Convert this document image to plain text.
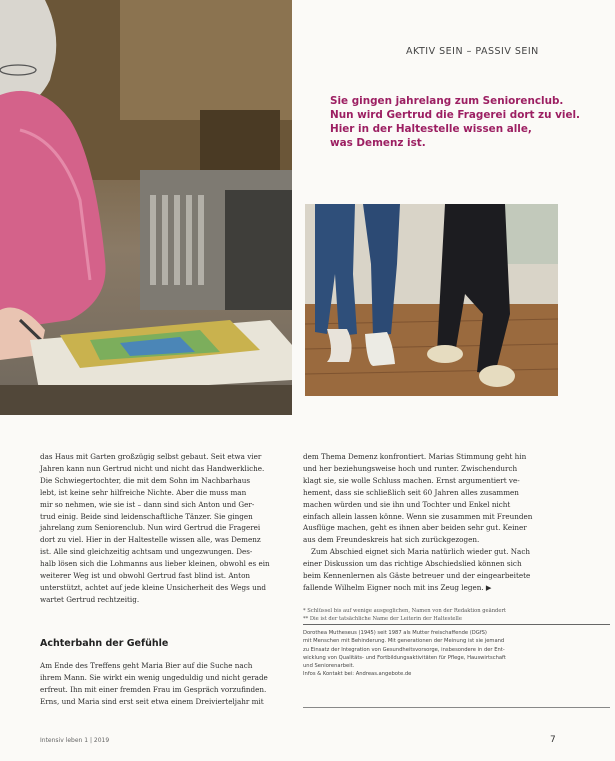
AKTIV SEIN – PASSIV SEIN
Sie gingen jahrelang zum Seniorenclub.
Nun wird Gertrud die Fragerei dort zu viel.
Hier in der Haltestelle wissen alle,
was Demenz ist.

das Haus mit Garten großzügig selbst gebaut. Seit etwa vier

Jahren kann nun Gertrud nicht und nicht das Handwerkliche.

Die Schwiegertochter, die mit dem Sohn im Nachbarhaus

lebt, ist keine sehr hilfreiche Nichte. Aber die muss man

mir so nehmen, wie sie ist – dann sind sich Anton und Ger-

trud einig. Beide sind leidenschaftliche Tänzer. Sie gingen

jahrelang zum Seniorenclub. Nun wird Gertrud die Fragerei

dort zu viel. Hier in der Haltestelle wissen alle, was Demenz

ist. Alle sind gleichzeitig achtsam und ungezwungen. Des-

halb lösen sich die Lohmanns aus lieber kleinen, obwohl es ein

weiterer Weg ist und obwohl Gertrud fast blind ist. Anton

unterstützt, achtet auf jede kleine Unsicherheit des Wegs und

wartet Gertrud rechtzeitig.

Achterbahn der Gefühle

Am Ende des Treffens geht Maria Bier auf die Suche nach

ihrem Mann. Sie wirkt ein wenig ungeduldig und nicht gerade

erfreut. Ihn mit einer fremden Frau im Gespräch vorzufinden.

Erns, und Maria sind erst seit etwa einem Dreivierteljahr mit

dem Thema Demenz konfrontiert. Marias Stimmung geht hin

und her beziehungsweise hoch und runter. Zwischendurch

klagt sie, sie wolle Schluss machen. Ernst argumentiert ve-

hement, dass sie schließlich seit 60 Jahren alles zusammen

machen würden und sie ihn und Tochter und Enkel nicht

einfach allein lassen könne. Wenn sie zusammen mit Freunden

Ausflüge machen, geht es ihnen aber beiden sehr gut. Keiner

aus dem Freundeskreis hat sich zurückgezogen.

Zum Abschied eignet sich Maria natürlich wieder gut. Nach

einer Diskussion um das richtige Abschiedslied können sich

beim Kennenlernen als Gäste betreuer und der eingearbeitete

fallende Wilhelm Eigner noch mit ins Zeug legen. ▶

* Schlüssel bis auf wenige ausgeglichen, Namen von der Redaktion geändert
** Die ist der tatsächliche Name der Leiterin der Haltestelle
Dorothea Mutheseus (1945) seit 1987 als Mutter freischaffende (DGfS)
mit Menschen mit Behinderung. Mit generationen der Meinung ist sie jemand
zu Einsatz der Integration von Gesundheitsvorsorge, insbesondere in der Ent-
wicklung von Qualitäts- und Fortbildungsaktivitäten für Pflege, Hauswirtschaft
und Seniorenarbeit.
Infos & Kontakt bei: Andreas.angebote.de
Intensiv leben 1 | 2019	7
